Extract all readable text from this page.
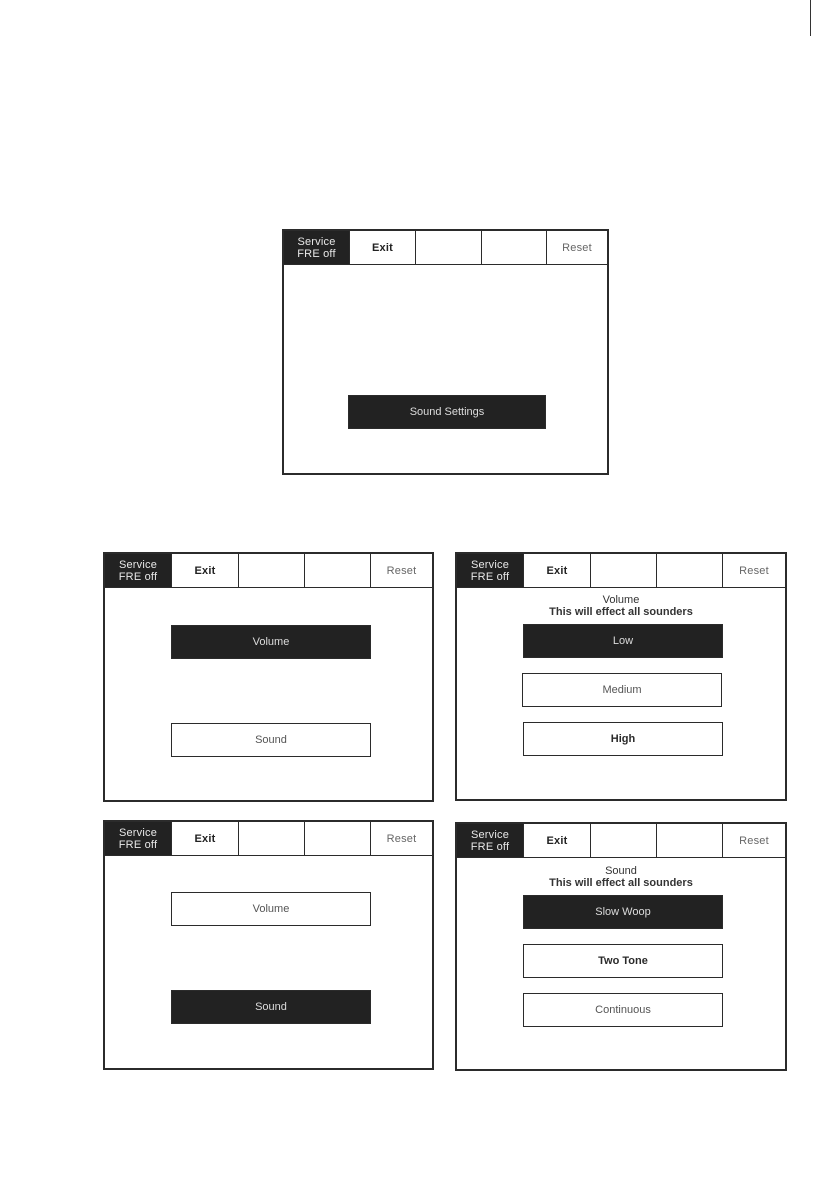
Service
FRE off	Exit	Reset
Sound Settings
Service
FRE off	Exit	Reset
Volume
Sound
Service
FRE off	Exit	Reset
Volume
This will effect all sounders
Low
Medium
High
Service
FRE off	Exit	Reset
Volume
Sound
Service
FRE off	Exit	Reset
Sound
This will effect all sounders
Slow Woop
Two Tone
Continuous
